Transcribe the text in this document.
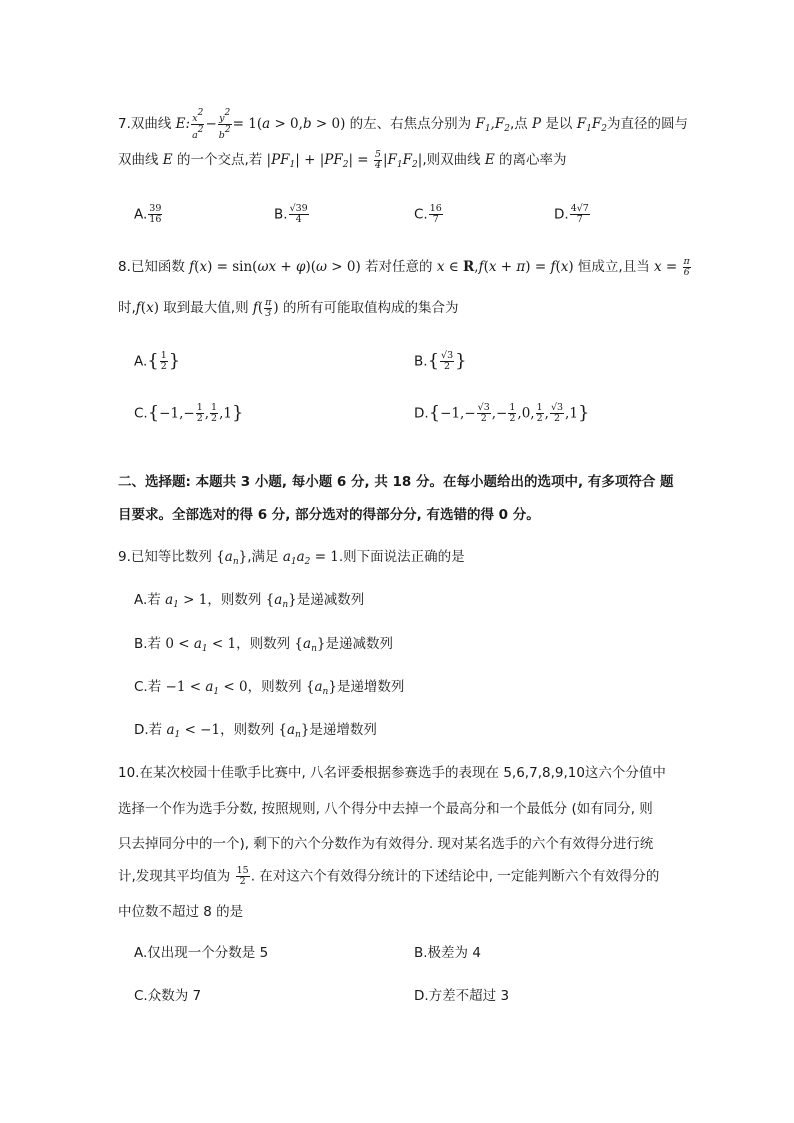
7.双曲线 E: $\frac{x2}{a2} - \frac{y2}{b2} = 1(a > 0,b > 0)$ 的左、右焦点分别为 $F_1,F_2$,点 P 是以 $F_1F_2$为直径的圆与
双曲线 E 的一个交点,若 $|PF_1| + |PF_2| = \frac{5}{4} |F_1F_2|$,则双曲线 E 的离心率为
A. $\frac{39}{16}$	B. $\frac{√39}{4}$	C. $\frac{16}{7}$	D. $\frac{4√7}{7}$
8.已知函数 f(x) = sin(ωx + φ)(ω > 0) 若对任意的 x ∈ R,f(x + π) = f(x) 恒成立,且当 $x = \frac{\pi}{6}$
时,f(x) 取到最大值,则 $f( \frac{\pi}{3}$ ) 的所有可能取值构成的集合为
$A.\{ \frac{1}{2}$ }	$B.\{ \frac{√3}{2}$ }
$C.\{-1,- \frac{1}{2}$ , $\frac{1}{2} ,1$}	$D.\{-1,- \frac{√3}{2}$ ,− $\frac{1}{2} ,0$, $\frac{1}{2}$ , $\frac{√3}{2} ,1$}
二、选择题: 本题共 3 小题, 每小题 6 分, 共 18 分。在每小题给出的选项中, 有多项符合 题
目要求。全部选对的得 6 分, 部分选对的得部分分, 有选错的得 0 分。
9.已知等比数列 $\{a_n\}$,满足 $a_1a_2 = 1$.则下面说法正确的是
A.若 $a_1 > 1$，则数列 $\{a_n\}$是递减数列
B.若 $0 < a_1 < 1$，则数列 $\{a_n\}$是递减数列
C.若 $-1 < a_1 < 0$，则数列 $\{a_n\}$是递增数列
D.若 $a_1 < -1$，则数列 $\{a_n\}$是递增数列
10.在某次校园十佳歌手比赛中, 八名评委根据参赛选手的表现在 5,6,7,8,9,10这六个分值中
选择一个作为选手分数, 按照规则, 八个得分中去掉一个最高分和一个最低分 (如有同分, 则
只去掉同分中的一个), 剩下的六个分数作为有效得分. 现对某名选手的六个有效得分进行统
计,发现其平均值为 $\frac{15}{2}$ . 在对这六个有效得分统计的下述结论中, 一定能判断六个有效得分的
中位数不超过 8 的是
A.仅出现一个分数是 5	B.极差为 4
C.众数为 7	D.方差不超过 3
